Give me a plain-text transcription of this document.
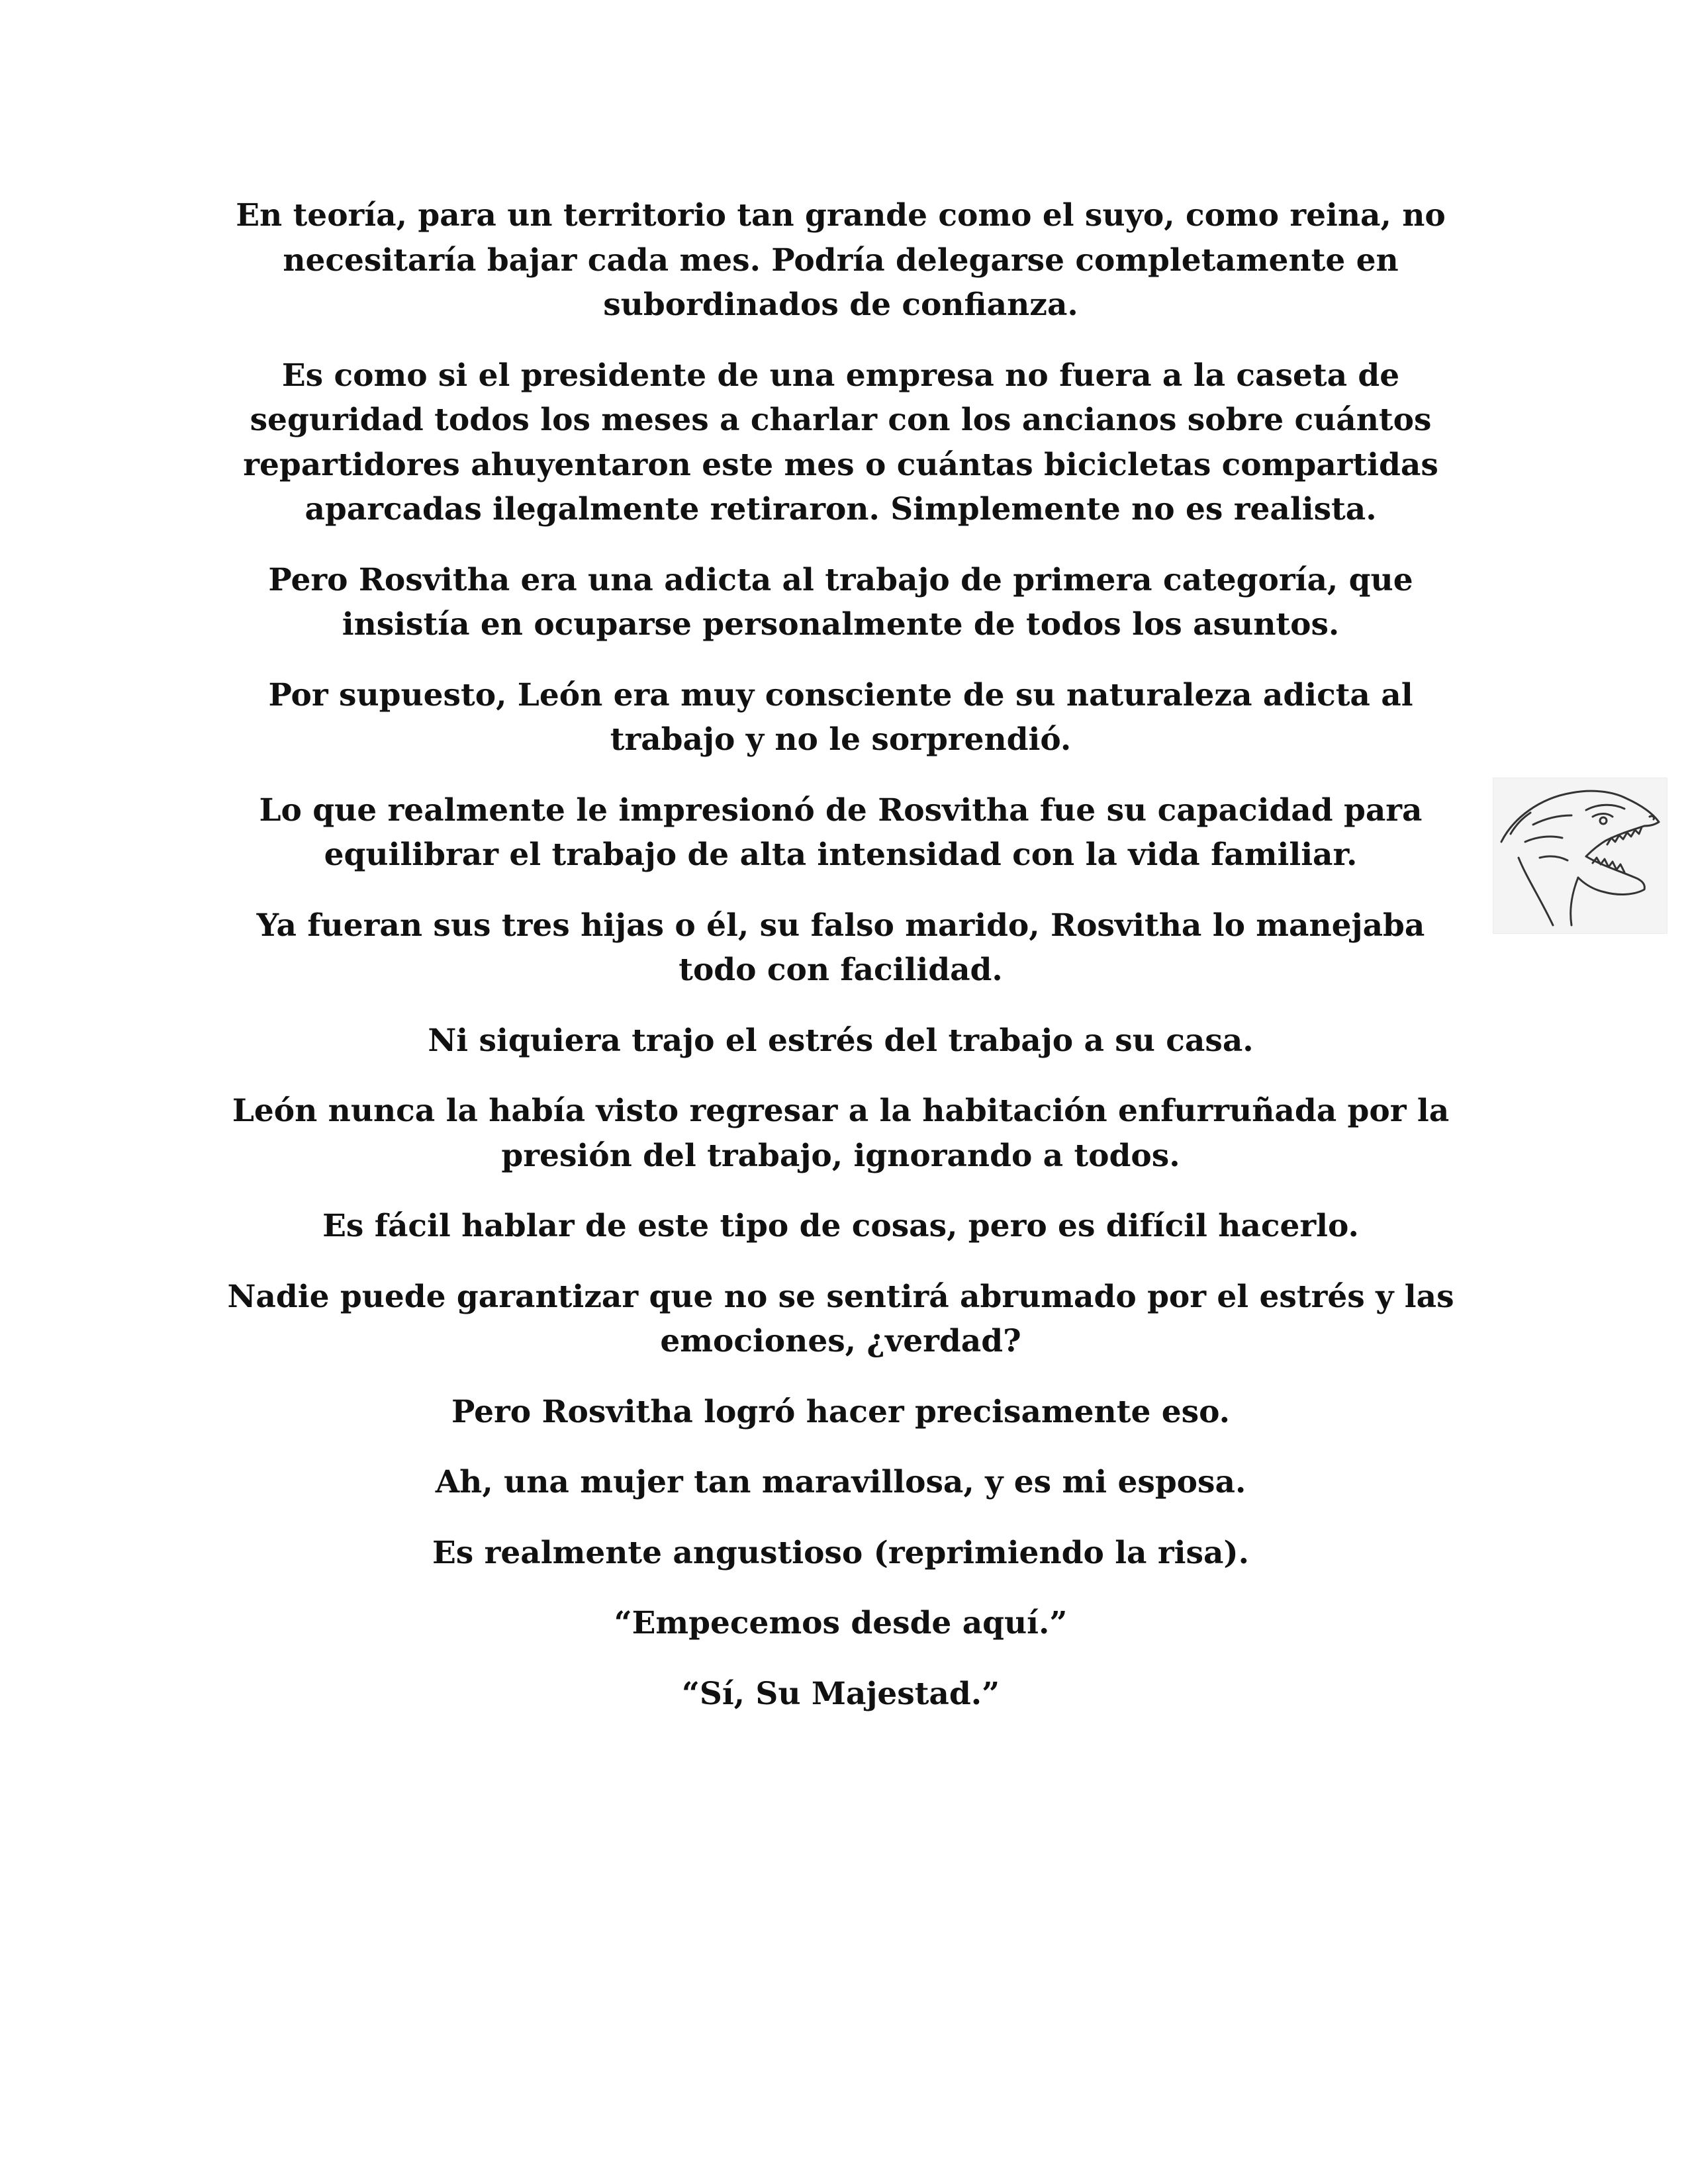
En teoría, para un territorio tan grande como el suyo, como reina, no necesitaría bajar cada mes. Podría delegarse completamente en subordinados de confianza.

Es como si el presidente de una empresa no fuera a la caseta de seguridad todos los meses a charlar con los ancianos sobre cuántos repartidores ahuyentaron este mes o cuántas bicicletas compartidas aparcadas ilegalmente retiraron. Simplemente no es realista.

Pero Rosvitha era una adicta al trabajo de primera categoría, que insistía en ocuparse personalmente de todos los asuntos.

Por supuesto, León era muy consciente de su naturaleza adicta al trabajo y no le sorprendió.

Lo que realmente le impresionó de Rosvitha fue su capacidad para equilibrar el trabajo de alta intensidad con la vida familiar.

Ya fueran sus tres hijas o él, su falso marido, Rosvitha lo manejaba todo con facilidad.

Ni siquiera trajo el estrés del trabajo a su casa.

León nunca la había visto regresar a la habitación enfurruñada por la presión del trabajo, ignorando a todos.

Es fácil hablar de este tipo de cosas, pero es difícil hacerlo.

Nadie puede garantizar que no se sentirá abrumado por el estrés y las emociones, ¿verdad?

Pero Rosvitha logró hacer precisamente eso.

Ah, una mujer tan maravillosa, y es mi esposa.

Es realmente angustioso (reprimiendo la risa).

“Empecemos desde aquí.”

“Sí, Su Majestad.”
